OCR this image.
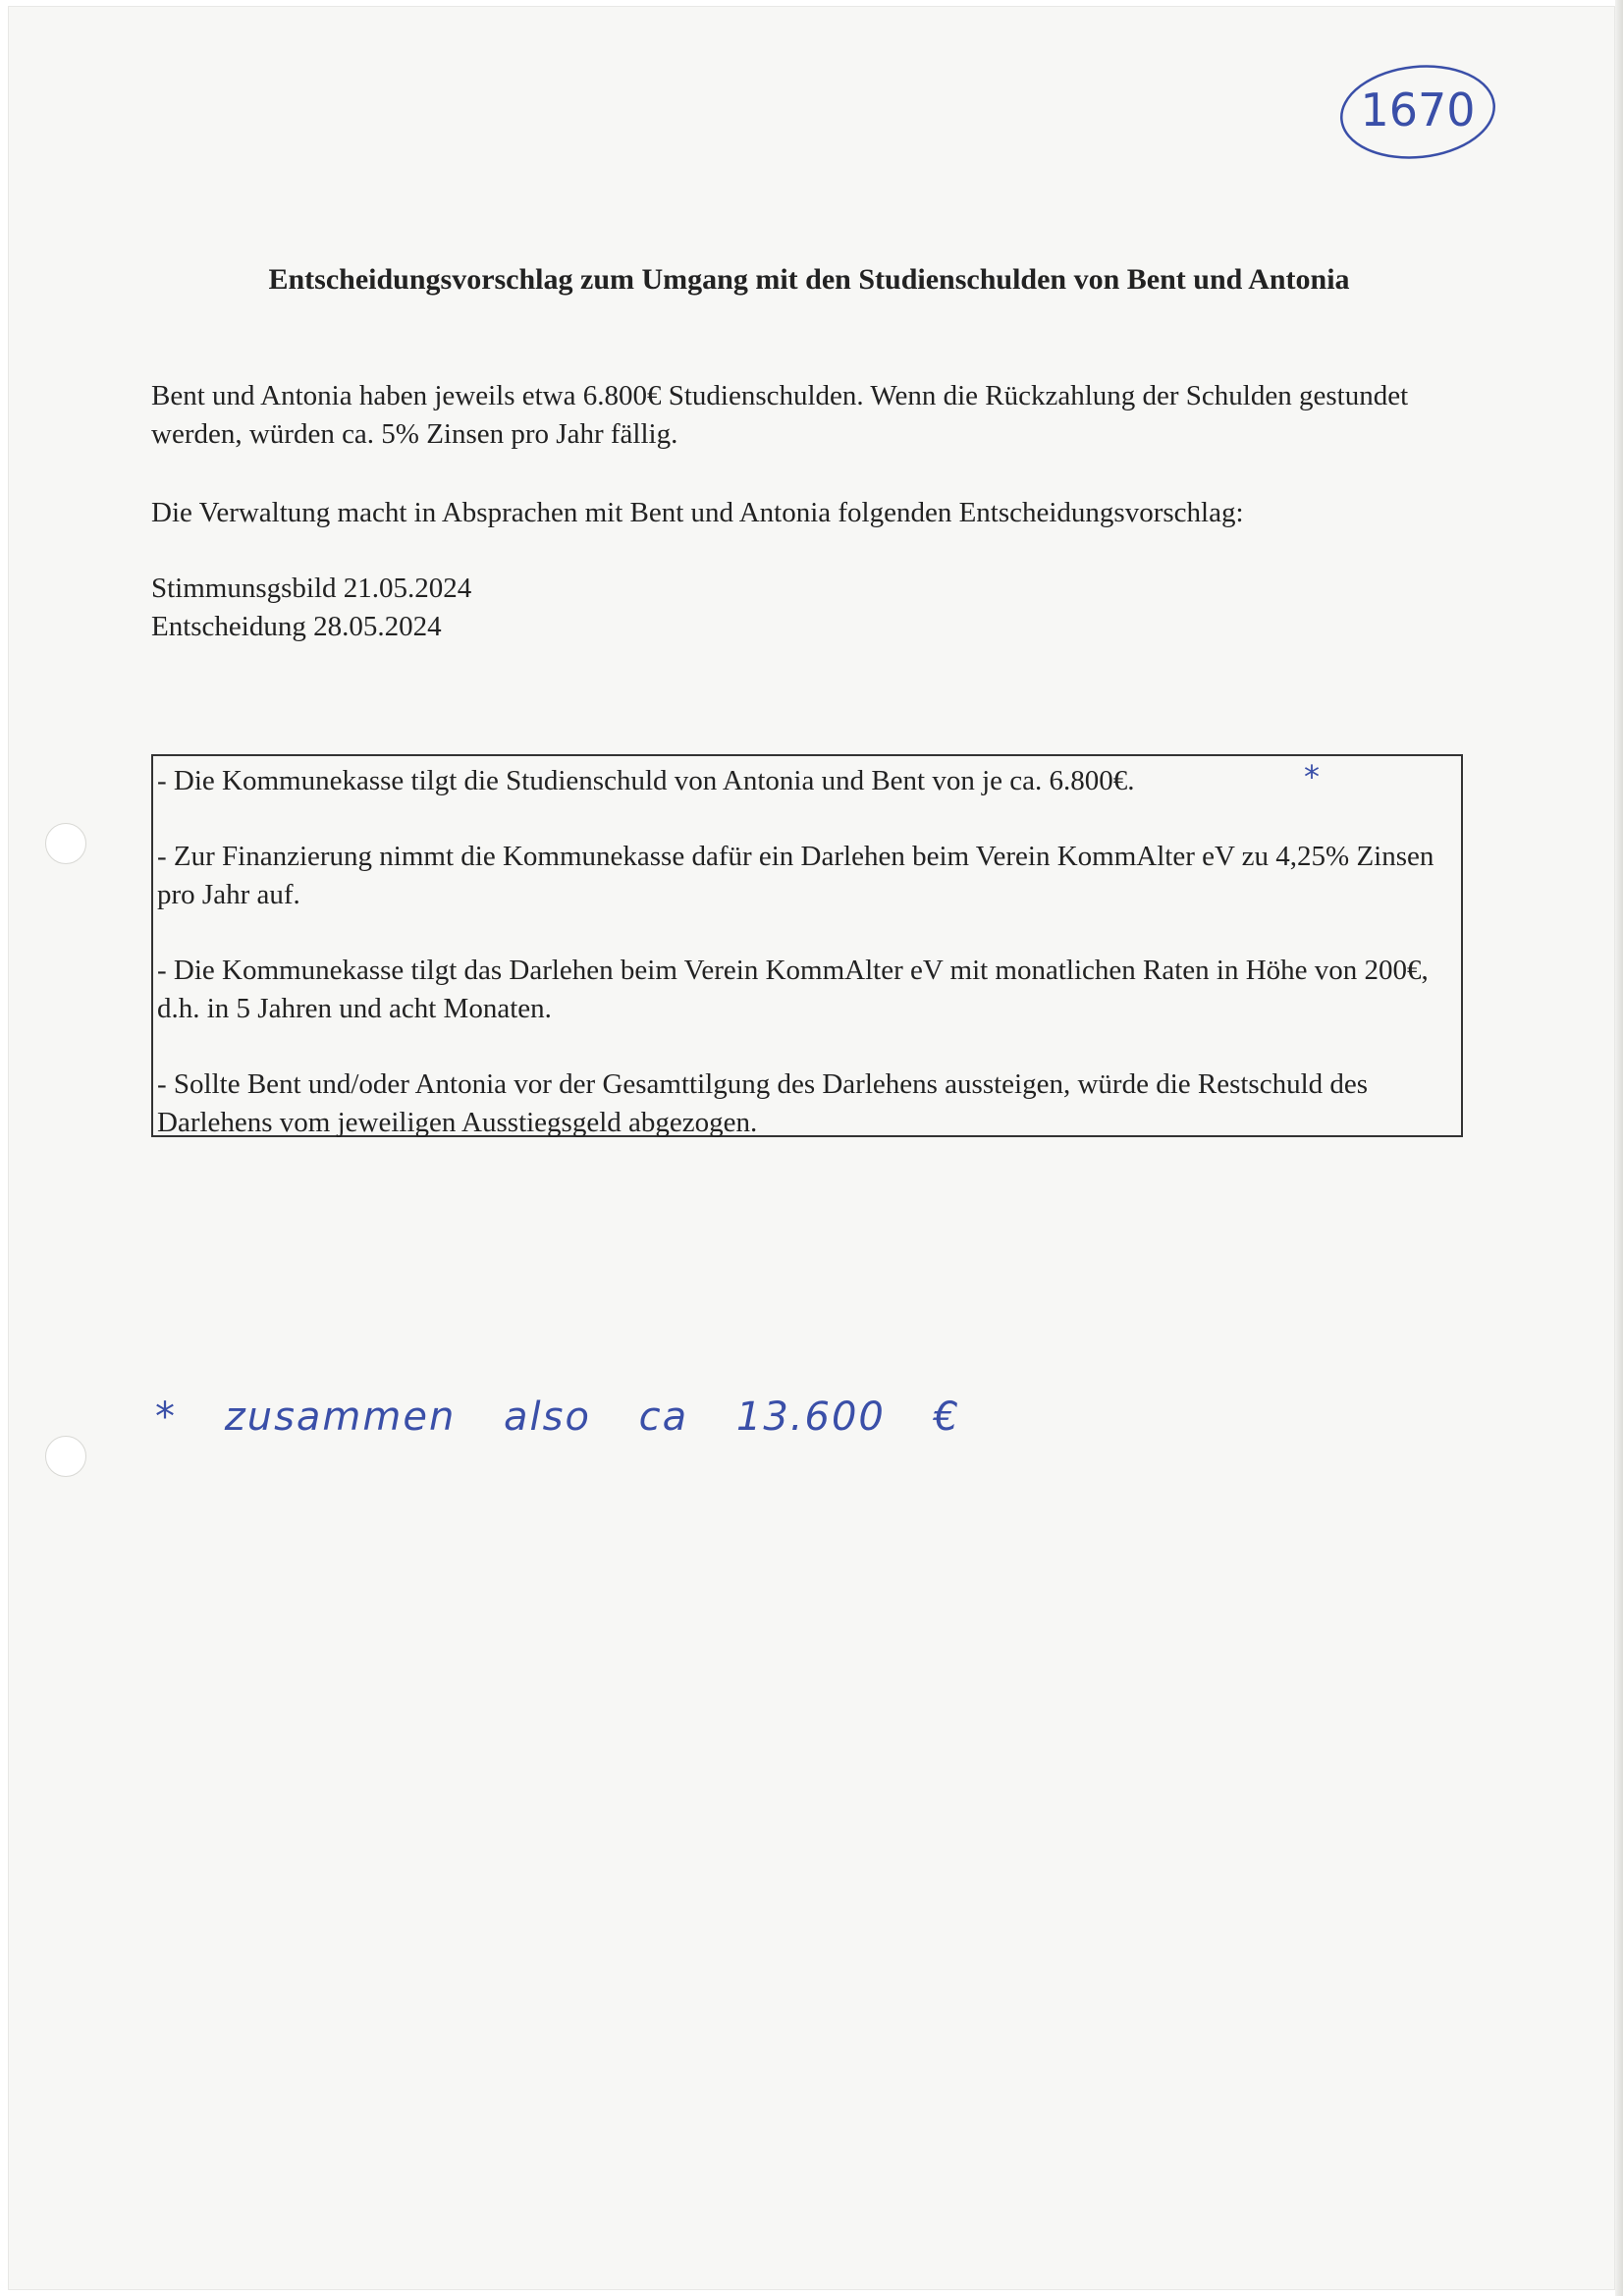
1670
Entscheidungsvorschlag zum Umgang mit den Studienschulden von Bent und Antonia

Bent und Antonia haben jeweils etwa 6.800€ Studienschulden. Wenn die Rückzahlung der Schulden gestundet werden, würden ca. 5% Zinsen pro Jahr fällig.

Die Verwaltung macht in Absprachen mit Bent und Antonia folgenden Entscheidungsvorschlag:

Stimmunsgsbild 21.05.2024

Entscheidung 28.05.2024

- Die Kommunekasse tilgt die Studienschuld von Antonia und Bent von je ca. 6.800€.

- Zur Finanzierung nimmt die Kommunekasse dafür ein Darlehen beim Verein KommAlter eV zu 4,25% Zinsen pro Jahr auf.

- Die Kommunekasse tilgt das Darlehen beim Verein KommAlter eV mit monatlichen Raten in Höhe von 200€, d.h. in 5 Jahren und acht Monaten.

- Sollte Bent und/oder Antonia vor der Gesamttilgung des Darlehens aussteigen, würde die Restschuld des Darlehens vom jeweiligen Ausstiegsgeld abgezogen.

*
* zusammen also ca 13.600 €
